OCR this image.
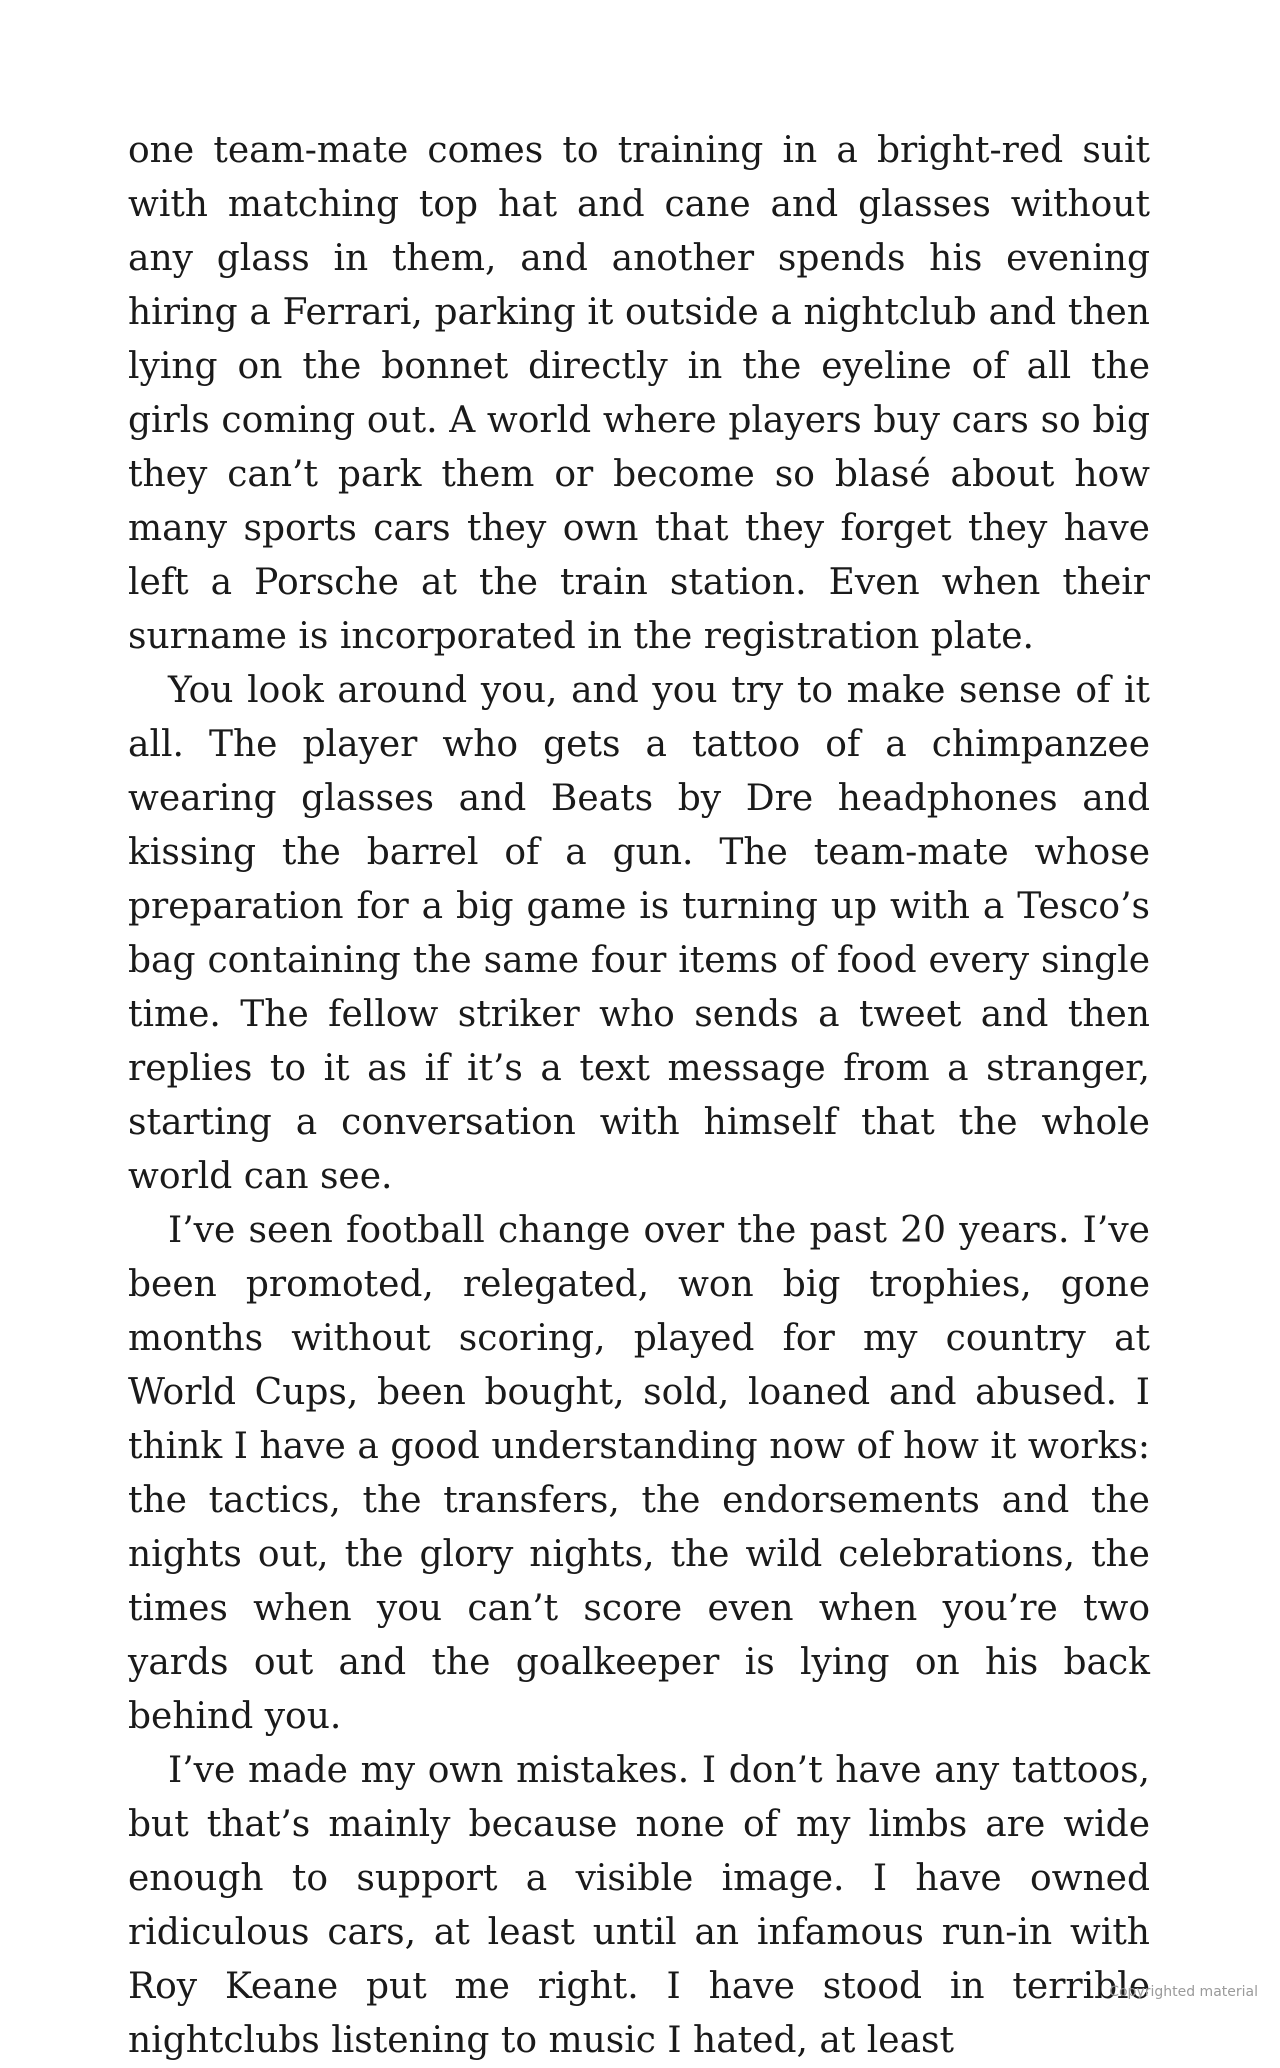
one team-mate comes to training in a bright-red suit with matching top hat and cane and glasses without any glass in them, and another spends his evening hiring a Ferrari, parking it outside a nightclub and then lying on the bonnet directly in the eyeline of all the girls coming out. A world where players buy cars so big they can’t park them or become so blasé about how many sports cars they own that they forget they have left a Porsche at the train station. Even when their surname is incorporated in the registration plate.

You look around you, and you try to make sense of it all. The player who gets a tattoo of a chimpanzee wearing glasses and Beats by Dre headphones and kissing the barrel of a gun. The team-mate whose preparation for a big game is turning up with a Tesco’s bag containing the same four items of food every single time. The fellow striker who sends a tweet and then replies to it as if it’s a text message from a stranger, starting a conversation with himself that the whole world can see.

I’ve seen football change over the past 20 years. I’ve been promoted, relegated, won big trophies, gone months without scoring, played for my country at World Cups, been bought, sold, loaned and abused. I think I have a good understanding now of how it works: the tactics, the transfers, the endorsements and the nights out, the glory nights, the wild celebrations, the times when you can’t score even when you’re two yards out and the goalkeeper is lying on his back behind you.

I’ve made my own mistakes. I don’t have any tattoos, but that’s mainly because none of my limbs are wide enough to support a visible image. I have owned ridiculous cars, at least until an infamous run-in with Roy Keane put me right. I have stood in terrible nightclubs listening to music I hated, at least

Copyrighted material
